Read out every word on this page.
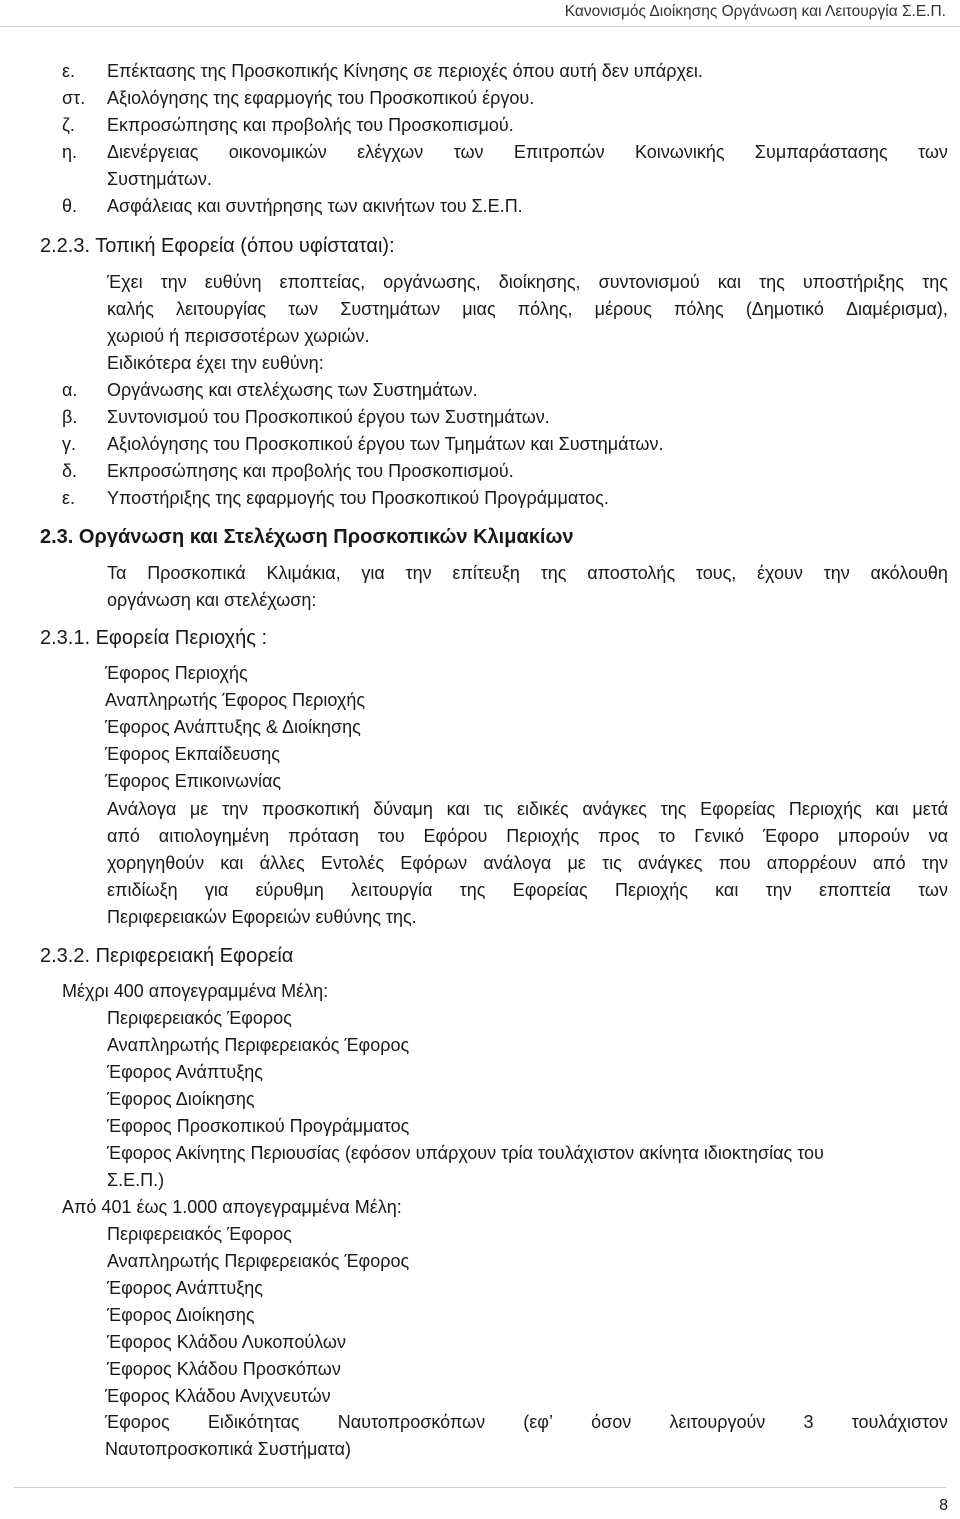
Κανονισμός Διοίκησης Οργάνωση και Λειτουργία Σ.Ε.Π.
ε. Επέκτασης της Προσκοπικής Κίνησης σε περιοχές όπου αυτή δεν υπάρχει.
στ. Αξιολόγησης της εφαρμογής του Προσκοπικού έργου.
ζ. Εκπροσώπησης και προβολής του Προσκοπισμού.
η. Διενέργειας οικονομικών ελέγχων των Επιτροπών Κοινωνικής Συμπαράστασης των
Συστημάτων.
θ. Ασφάλειας και συντήρησης των ακινήτων του Σ.Ε.Π.
2.2.3. Τοπική Εφορεία (όπου υφίσταται):
Έχει την ευθύνη εποπτείας, οργάνωσης, διοίκησης, συντονισμού και της υποστήριξης της
καλής λειτουργίας των Συστημάτων μιας πόλης, μέρους πόλης (Δημοτικό Διαμέρισμα),
χωριού ή περισσοτέρων χωριών.
Ειδικότερα έχει την ευθύνη:
α. Οργάνωσης και στελέχωσης των Συστημάτων.
β. Συντονισμού του Προσκοπικού έργου των Συστημάτων.
γ. Αξιολόγησης του Προσκοπικού έργου των Τμημάτων και Συστημάτων.
δ. Εκπροσώπησης και προβολής του Προσκοπισμού.
ε. Υποστήριξης της εφαρμογής του Προσκοπικού Προγράμματος.
2.3. Οργάνωση και Στελέχωση Προσκοπικών Κλιμακίων
Τα Προσκοπικά Κλιμάκια, για την επίτευξη της αποστολής τους, έχουν την ακόλουθη
οργάνωση και στελέχωση:
2.3.1. Εφορεία Περιοχής :
Έφορος Περιοχής
Αναπληρωτής Έφορος Περιοχής
Έφορος Ανάπτυξης & Διοίκησης
Έφορος Εκπαίδευσης
Έφορος Επικοινωνίας
Ανάλογα με την προσκοπική δύναμη και τις ειδικές ανάγκες της Εφορείας Περιοχής και μετά
από αιτιολογημένη πρόταση του Εφόρου Περιοχής προς το Γενικό Έφορο μπορούν να
χορηγηθούν και άλλες Εντολές Εφόρων ανάλογα με τις ανάγκες που απορρέουν από την
επιδίωξη για εύρυθμη λειτουργία της Εφορείας Περιοχής και την εποπτεία των
Περιφερειακών Εφορειών ευθύνης της.
2.3.2. Περιφερειακή Εφορεία
Μέχρι 400 απογεγραμμένα Μέλη:
Περιφερειακός Έφορος
Αναπληρωτής Περιφερειακός Έφορος
Έφορος Ανάπτυξης
Έφορος Διοίκησης
Έφορος Προσκοπικού Προγράμματος
Έφορος Ακίνητης Περιουσίας (εφόσον υπάρχουν τρία τουλάχιστον ακίνητα ιδιοκτησίας του
Σ.Ε.Π.)
Από 401 έως 1.000 απογεγραμμένα Μέλη:
Περιφερειακός Έφορος
Αναπληρωτής Περιφερειακός Έφορος
Έφορος Ανάπτυξης
Έφορος Διοίκησης
Έφορος Κλάδου Λυκοπούλων
Έφορος Κλάδου Προσκόπων
Έφορος Κλάδου Ανιχνευτών
Έφορος Ειδικότητας Ναυτοπροσκόπων (εφ’ όσον λειτουργούν 3 τουλάχιστον
Ναυτοπροσκοπικά Συστήματα)
8
